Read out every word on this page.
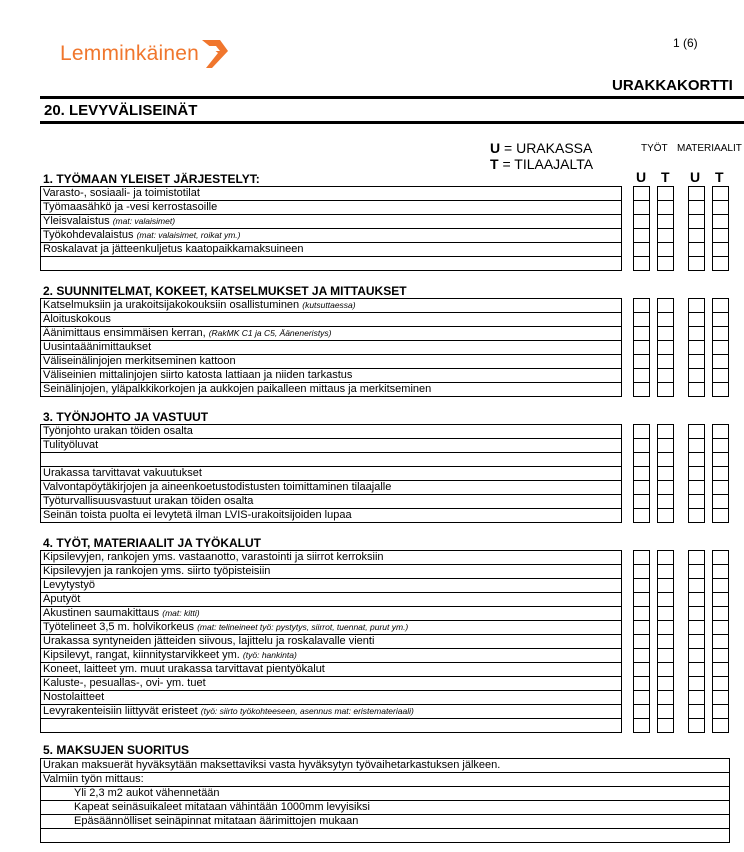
Lemminkäinen	1 (6)
URAKKAKORTTI
20. LEVYVÄLISEINÄT
U = URAKASSA
T = TILAAJALTA
TYÖT MATERIAALIT
U T U T
1. TYÖMAAN YLEISET JÄRJESTELYT:
Varasto-, sosiaali- ja toimistotilat
Työmaasähkö ja -vesi kerrostasoille
Yleisvalaistus (mat: valaisimet)
Työkohdevalaistus (mat: valaisimet, roikat ym.)
Roskalavat ja jätteenkuljetus kaatopaikkamaksuineen
2. SUUNNITELMAT, KOKEET, KATSELMUKSET JA MITTAUKSET
Katselmuksiin ja urakoitsijakokouksiin osallistuminen (kutsuttaessa)
Aloituskokous
Äänimittaus ensimmäisen kerran, (RakMK C1 ja C5, Ääneneristys)
Uusintaäänimittaukset
Väliseinälinjojen merkitseminen kattoon
Väliseinien mittalinjojen siirto katosta lattiaan ja niiden tarkastus
Seinälinjojen, yläpalkkikorkojen ja aukkojen paikalleen mittaus ja merkitseminen
3. TYÖNJOHTO JA VASTUUT
Työnjohto urakan töiden osalta
Tulityöluvat
Urakassa tarvittavat vakuutukset
Valvontapöytäkirjojen ja aineenkoetustodistusten toimittaminen tilaajalle
Työturvallisuusvastuut urakan töiden osalta
Seinän toista puolta ei levytetä ilman LVIS-urakoitsijoiden lupaa
4. TYÖT, MATERIAALIT JA TYÖKALUT
Kipsilevyjen, rankojen yms. vastaanotto, varastointi ja siirrot kerroksiin
Kipsilevyjen ja rankojen yms. siirto työpisteisiin
Levytystyö
Aputyöt
Akustinen saumakittaus (mat: kitti)
Työtelineet 3,5 m. holvikorkeus (mat: telineineet työ: pystytys, siirrot, tuennat, purut ym.)
Urakassa syntyneiden jätteiden siivous, lajittelu ja roskalavalle vienti
Kipsilevyt, rangat, kiinnitystarvikkeet ym. (työ: hankinta)
Koneet, laitteet ym. muut urakassa tarvittavat pientyökalut
Kaluste-, pesuallas-, ovi- ym. tuet
Nostolaitteet
Levyrakenteisiin liittyvät eristeet (työ: siirto työkohteeseen, asennus mat: eristemateriaali)
5. MAKSUJEN SUORITUS
Urakan maksuerät hyväksytään maksettaviksi vasta hyväksytyn työvaihetarkastuksen jälkeen.
Valmiin työn mittaus:
Yli 2,3 m2 aukot vähennetään
Kapeat seinäsuikaleet mitataan vähintään 1000mm levyisiksi
Epäsäännölliset seinäpinnat mitataan äärimittojen mukaan
